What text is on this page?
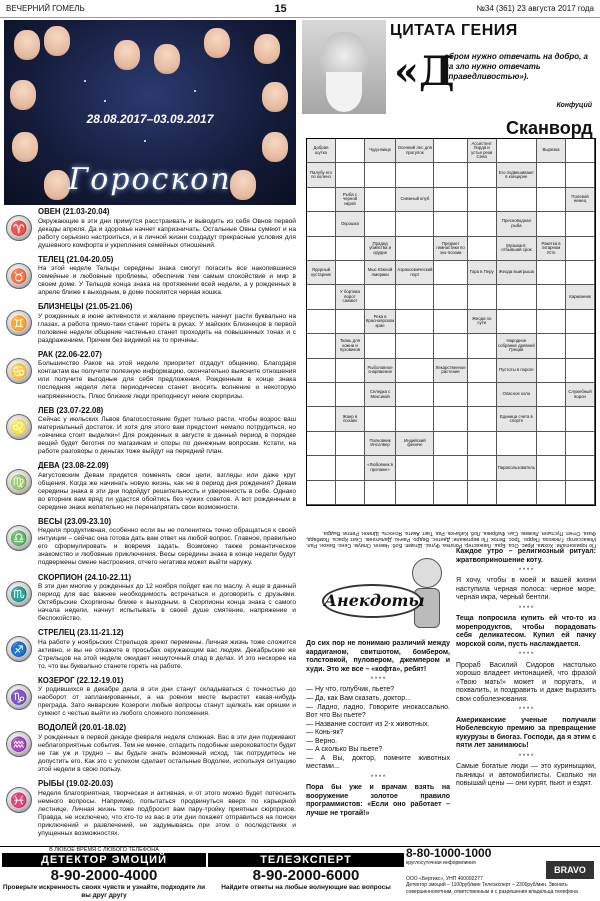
ВЕЧЕРНИЙ ГОМЕЛЬ	15	№34 (361) 23 августа 2017 года
28.08.2017–03.09.2017
Гороскоп
♈
ОВЕН (21.03-20.04)

Окружающие в эти дни примутся расстраивать и выводить из себя Овнов первой декады апреля. Да и здоровье начнет капризничать. Остальные Овны сумеют и на работу серьезно настроиться, и в личной жизни создадут прекрасные условия для душевного комфорта и укрепления семейных отношений.

♉
ТЕЛЕЦ (21.04-20.05)

На этой неделе Тельцы середины знака смогут погасить все накопившиеся семейные и любовные проблемы, обеспечив тем самым спокойствие и мир в своем доме. У Тельцов конца знака на протяжении всей недели, а у рожденных в апреле ближе к выходным, в доме поселится черная кошка.

♊
БЛИЗНЕЦЫ (21.05-21.06)

У рожденных в июне активности и желание преуспеть начнут расти буквально на глазах, а работа прямо-таки станет гореть в руках. У майских Близнецов в первой половине недели общение частенько станет проходить на повышенных тонах и с раздражением. Причем без видимой на то причины.

♋
РАК (22.06-22.07)

Большинство Раков на этой неделе приоритет отдадут общению. Благодаря контактам вы получите полезную информацию, окончательно выясните отношения или получите выгодные для себя предложения. Рожденным в конце знака последняя неделя лета периодически станет вносить волнение и некоторую напряженность. Плюс близкие люди преподнесут некие сюрпризы.

♌
ЛЕВ (23.07-22.08)

Сейчас у июльских Львов благосостояние будет только расти, чтобы возрос ваш материальный достаток. И хотя для этого вам предстоит немало потрудиться, но «овчинка стоит выделки»! Для рожденных в августе в данный период в порядке вещей будет беготня по магазинам и споры по денежным вопросам. Кстати, на работе разговоры о деньгах тоже выйдут на передний план.

♍
ДЕВА (23.08-22.09)

Августовским Девам придется поменять свои цели, взгляды или даже круг общения. Когда же начинать новую жизнь, как не в период дня рождения? Девам середины знака в эти дни подойдут решительность и уверенность в себе. Однако во вторник вам вряд ли удастся обойтись без чужих советов. А вот рожденным в середине знака желательно не перенапрягать свои возможности.

♎
ВЕСЫ (23.09-23.10)

Неделя продуктивная, особенно если вы не поленитесь точно обращаться к своей интуиции – сейчас она готова дать вам ответ на любой вопрос. Главное, правильно его сформулировать и вовремя задать. Возможно также романтическое знакомство и любовные приключения. Весы середины знака в конце недели будут подвержены смене настроения, отчего негатива может выйти наружу.

♏
СКОРПИОН (24.10-22.11)

В эти дни многие у рожденных до 12 ноября пойдет как по маслу. А еще в данный период для вас важнее необходимость встречаться и договорить с друзьями. Октябрьские Скорпионы ближе к выходным, в Скорпионы конца знака с самого начала недели, начнут испытывать в своей душе смятение, напряжение и беспокойство.

♐
СТРЕЛЕЦ (23.11-21.12)

На работе у ноябрьских Стрельцов зреют перемены. Личная жизнь тоже сложится активно, и вы не откажете в просьбах окружающим вас людям. Декабрьские же Стрельцов на этой неделе ожидает нешуточный спад в делах. И это нескорее на то, что вы буквально станете гореть на работе.

♑
КОЗЕРОГ (22.12-19.01)

У родившихся в декабре дела в эти дни станут складываться с точностью до наоборот от запланированных, а на ровном месте вырастет какая-нибудь преграда. Зато январские Козероги любые вопросы станут щелкать как орешки и сумеют с честью выйти из любого сложного положения.

♒
ВОДОЛЕЙ (20.01-18.02)

У рожденных в первой декаде февраля неделя сложная. Вас в эти дни подживают неблагоприятные события. Тем не менее, сгладить подобные шероховатости будет не так уж и трудно – вы будьте знать возможный исход, так потрудитесь не допустить его. Как это с успехом сделает остальные Водолеи, используя ситуацию этой недели в свою пользу.

♓
РЫБЫ (19.02-20.03)

Неделя благоприятная, творческая и активная, и от этого можно будет потеснить немного вопросы. Например, попытаться продвинуться вверх по карьерной лестнице. Личная жизнь тоже подбросит вам пару-тройку приятных сюрпризов. Правда, не исключено, что кто-то из вас в эти дни покажет отправиться на поиски приключений и развлечений, не задумываясь при этом о последствиях и упущенных возможностях.

ЦИТАТА ГЕНИЯ
«Д
обром нужно отвечать на добро, а на зло нужно отвечать справедливостью»).
Конфуций
Сканворд
Добрая шутка	Чудо-вище	Осенний лес для прогулок
Ассистент Лорда и устье реки Сена
Вырезка
Палубу его по колено
Его подвешивают в концерне
Рыба с черной икрой
Снежный клуб	Полевой немец
Окрошка	Пресноводная рыба
Прадед убийства и орудие
Предмет гимнастики по эко-поэзии
Музыкант, отбывший срок
Ракетка в гитарном Усте
Ядерный кустарник
Мыс Южной Америки
Аэрокосмический порт	Гора в Перу	Жеода выигрыша
У бортика ворот сажают
Карманник
Река в Красноярском крае
Жеода по сути
Ткань для хожни и пуховиков
Народное собрание древней Греции
Рыболовное снаряжение
Лекарственное растение	Пустоты в пороге
Селедка с Мексикой	Опасное коло	Служебный ворон
Жанр в поэзии
Единица счета в спорте
Полковник Инсолвер
Индийский фениче
«Любовник в пропаже»	Парапользователь
По горизонтали: Хохма. Ирис. Оса. Ерш. Ланкастер. Рогатка. Фугас. Штамп. Боб. Чвеня. Опиум. Сено. Бекон. Рал. Инкассатор. Глюкоза. Перро. Трос. Веток. По вертикали: Дантес. Ведро. Ранчо. Дальтоник. Скат. Краса. Ломбард. Фаза. Отчет. Пустыня. Лезвие. Сан. Фабрика. Лоб. Кабачок. Рак. Такт. Акита. Ясность. Шпион. Рипли. Выдра.
Анекдоты
До сих пор не понимаю различий между кардиганом, свитшотом, бомбером, толстовкой, пуловером, джемпером и худи. Это же все – «кофта», ребят!
* * * *
— Ну что, голубчик, пьете?
— Да, как Вам сказать, доктор...
— Ладно, ладно. Говорите инокассально. Вот что Вы пьете?
— Название состоит из 2-х животных.
— Конь-як?
— Верно.
— А сколько Вы пьете?
— А Вы, доктор, помните животных местами...
* * * *
Пора бы уже и врачам взять на вооружение золотое правило программистов: «Если оно работает – лучше не трогай!»
Каждое утро – религиозный ритуал: жратвоприношение коту.
* * * *
Я хочу, чтобы в моей и вашей жизни наступила черная полоса: черное море, черная икра, черный бентли.
* * * *
Теща попросила купить ей что-то из морепродуктов, чтобы порадовать себя деликатесом. Купил ей пачку морской соли, пусть наслаждается.
* * * *
Прораб Василий Сидоров настолько хорошо владеет интонацией, что фразой «Твою мать!» может и поругать, и похвалить, и поздравить и даже выразить свои соболезнования.
* * * *
Американские ученые получили Нобелевскую премию за превращение кукурузы в биогаз. Господи, да я этим с пяти лет занимаюсь!
* * * *
Самые богатые люди — это куриныщики, пьяницы и автомобилисты. Сколько ни повышай цены — они курят, пьют и ездят.
В ЛЮБОЕ ВРЕМЯ С ЛЮБОГО ТЕЛЕФОНА
ДЕТЕКТОР ЭМОЦИЙ
8-90-2000-4000
Проверьте искренность своих чувств и узнайте, подходите ли вы друг другу

ТЕЛЕЭКСПЕРТ
8-90-2000-6000
Найдите ответы на любые волнующие вас вопросы
8-80-1000-1000
круглосуточная информлиния
BRAVO
ООО «Бертикс», УНП 400092277
Детектор эмоций – 1100руб/мин Телеэксперт – 2300руб/мин. Звонить совершеннолетним, ответственным и с разрешения владельца телефона
